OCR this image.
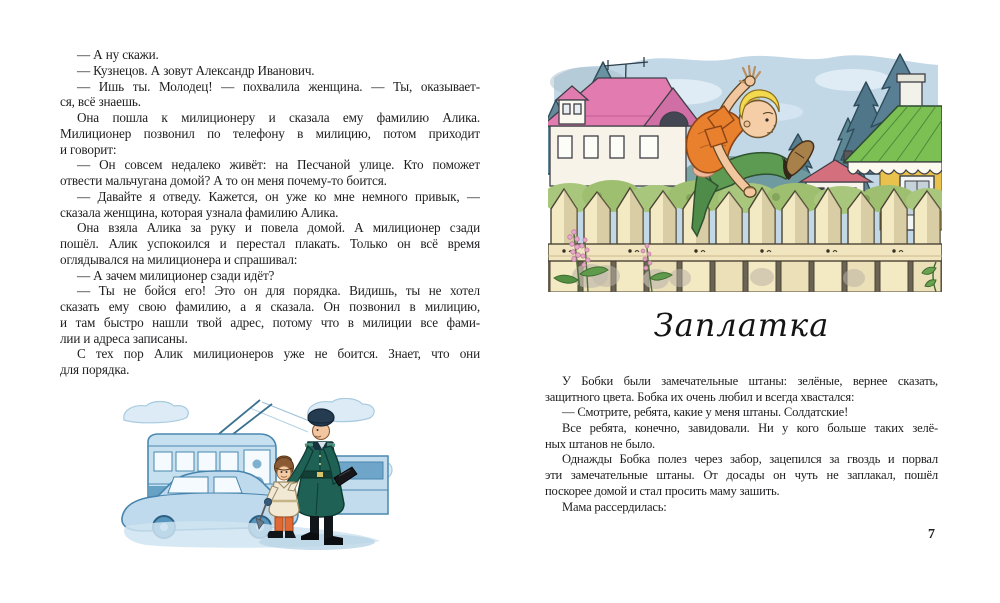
— А ну скажи.
— Кузнецов. А зовут Александр Иванович.
— Ишь ты. Молодец! — похвалила женщина. — Ты, оказывает-
ся, всё знаешь.
Она пошла к милиционеру и сказала ему фамилию Алика.
Милиционер позвонил по телефону в милицию, потом приходит
и говорит:
— Он совсем недалеко живёт: на Песчаной улице. Кто поможет
отвести мальчугана домой? А то он меня почему-то боится.
— Давайте я отведу. Кажется, он уже ко мне немного привык, —
сказала женщина, которая узнала фамилию Алика.
Она взяла Алика за руку и повела домой. А милиционер сзади
пошёл. Алик успокоился и перестал плакать. Только он всё время
оглядывался на милиционера и спрашивал:
— А зачем милиционер сзади идёт?
— Ты не бойся его! Это он для порядка. Видишь, ты не хотел
сказать ему свою фамилию, а я сказала. Он позвонил в милицию,
и там быстро нашли твой адрес, потому что в милиции все фами-
лии и адреса записаны.
С тех пор Алик милиционеров уже не боится. Знает, что они
для порядка.
Заплатка
У Бобки были замечательные штаны: зелёные, вернее сказать,
защитного цвета. Бобка их очень любил и всегда хвастался:
— Смотрите, ребята, какие у меня штаны. Солдатские!
Все ребята, конечно, завидовали. Ни у кого больше таких зелё-
ных штанов не было.
Однажды Бобка полез через забор, зацепился за гвоздь и порвал
эти замечательные штаны. От досады он чуть не заплакал, пошёл
поскорее домой и стал просить маму зашить.
Мама рассердилась:
7
